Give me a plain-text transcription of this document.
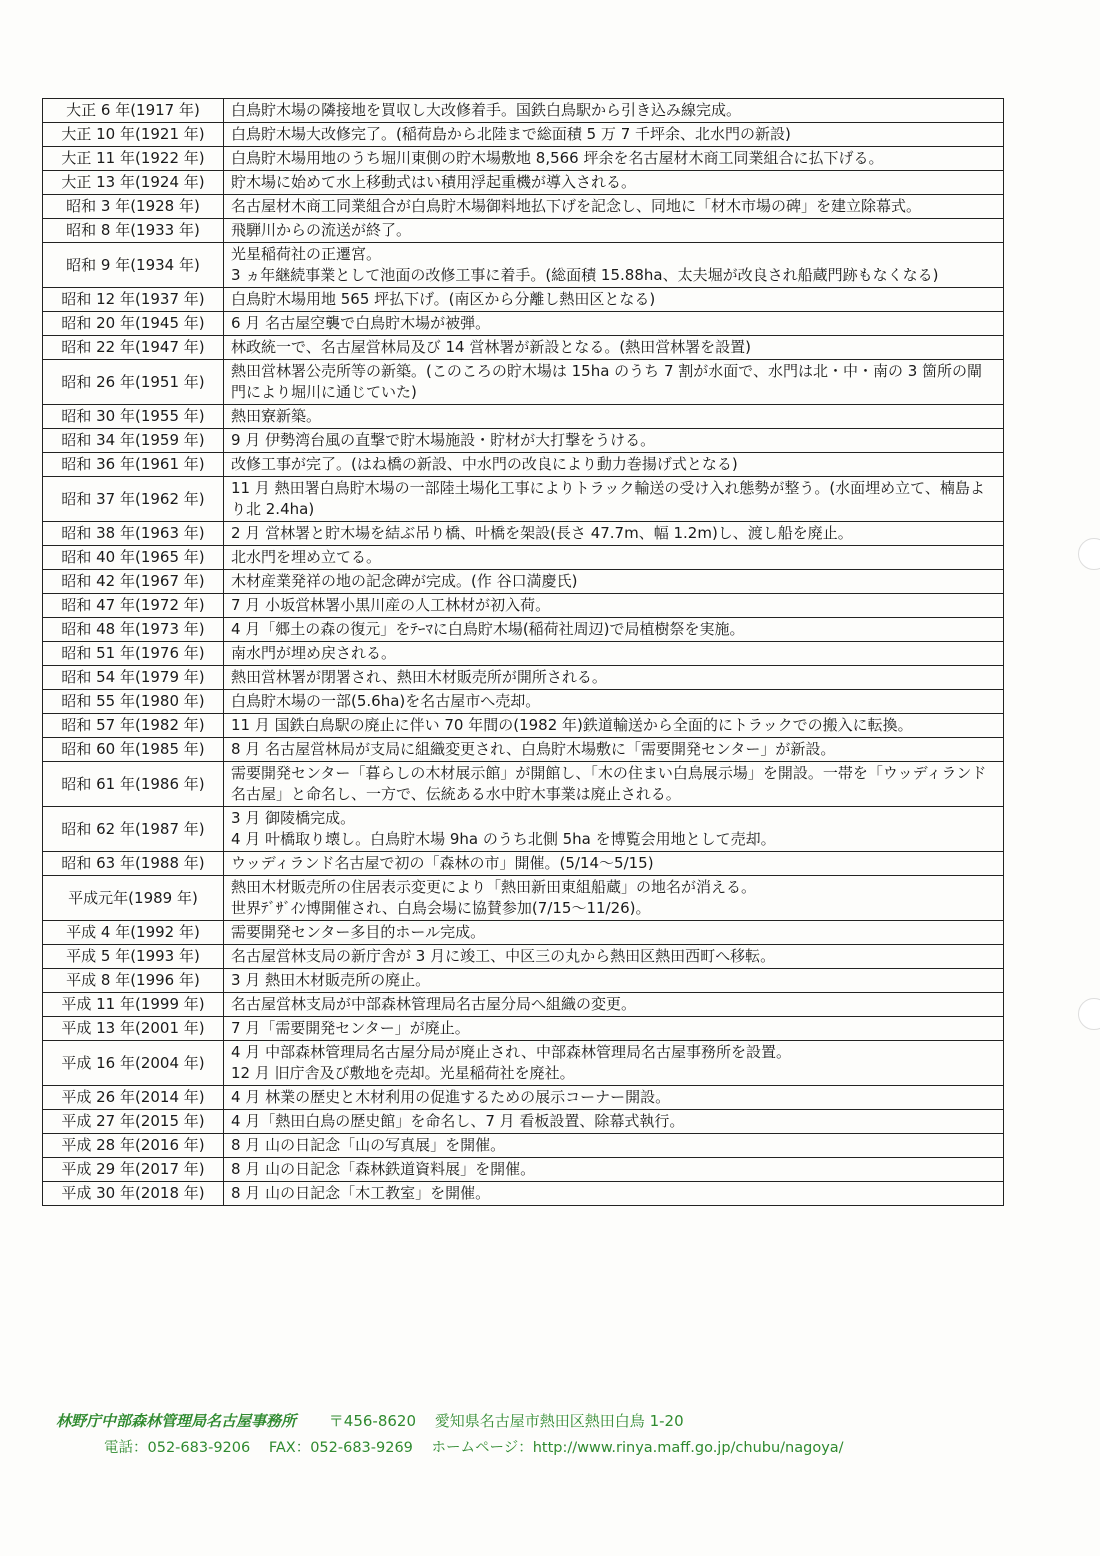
大正 6 年(1917 年)	白鳥貯木場の隣接地を買収し大改修着手。国鉄白鳥駅から引き込み線完成。

大正 10 年(1921 年)	白鳥貯木場大改修完了。(稲荷島から北陸まで総面積 5 万 7 千坪余、北水門の新設)

大正 11 年(1922 年)	白鳥貯木場用地のうち堀川東側の貯木場敷地 8,566 坪余を名古屋材木商工同業組合に払下げる。

大正 13 年(1924 年)	貯木場に始めて水上移動式はい積用浮起重機が導入される。

昭和 3 年(1928 年)	名古屋材木商工同業組合が白鳥貯木場御料地払下げを記念し、同地に「材木市場の碑」を建立除幕式。

昭和 8 年(1933 年)	飛騨川からの流送が終了。

昭和 9 年(1934 年)	光星稲荷社の正遷宮。
3 ヵ年継続事業として池面の改修工事に着手。(総面積 15.88ha、太夫堀が改良され船蔵門跡もなくなる)

昭和 12 年(1937 年)	白鳥貯木場用地 565 坪払下げ。(南区から分離し熱田区となる)

昭和 20 年(1945 年)	6 月 名古屋空襲で白鳥貯木場が被弾。

昭和 22 年(1947 年)	林政統一で、名古屋営林局及び 14 営林署が新設となる。(熱田営林署を設置)

昭和 26 年(1951 年)	熱田営林署公売所等の新築。(このころの貯木場は 15ha のうち 7 割が水面で、水門は北・中・南の 3 箇所の閘門により堀川に通じていた)

昭和 30 年(1955 年)	熱田寮新築。

昭和 34 年(1959 年)	9 月 伊勢湾台風の直撃で貯木場施設・貯材が大打撃をうける。

昭和 36 年(1961 年)	改修工事が完了。(はね橋の新設、中水門の改良により動力巻揚げ式となる)

昭和 37 年(1962 年)	11 月 熱田署白鳥貯木場の一部陸土場化工事によりトラック輸送の受け入れ態勢が整う。(水面埋め立て、楠島より北 2.4ha)

昭和 38 年(1963 年)	2 月 営林署と貯木場を結ぶ吊り橋、叶橋を架設(長さ 47.7m、幅 1.2m)し、渡し船を廃止。

昭和 40 年(1965 年)	北水門を埋め立てる。

昭和 42 年(1967 年)	木材産業発祥の地の記念碑が完成。(作 谷口満慶氏)

昭和 47 年(1972 年)	7 月 小坂営林署小黒川産の人工林材が初入荷。

昭和 48 年(1973 年)	4 月「郷土の森の復元」をﾃｰﾏに白鳥貯木場(稲荷社周辺)で局植樹祭を実施。

昭和 51 年(1976 年)	南水門が埋め戻される。

昭和 54 年(1979 年)	熱田営林署が閉署され、熱田木材販売所が開所される。

昭和 55 年(1980 年)	白鳥貯木場の一部(5.6ha)を名古屋市へ売却。

昭和 57 年(1982 年)	11 月 国鉄白鳥駅の廃止に伴い 70 年間の(1982 年)鉄道輸送から全面的にトラックでの搬入に転換。

昭和 60 年(1985 年)	8 月 名古屋営林局が支局に組織変更され、白鳥貯木場敷に「需要開発センター」が新設。

昭和 61 年(1986 年)	需要開発センター「暮らしの木材展示館」が開館し、「木の住まい白鳥展示場」を開設。一帯を「ウッディランド名古屋」と命名し、一方で、伝統ある水中貯木事業は廃止される。

昭和 62 年(1987 年)	3 月 御陵橋完成。
4 月 叶橋取り壊し。白鳥貯木場 9ha のうち北側 5ha を博覧会用地として売却。

昭和 63 年(1988 年)	ウッディランド名古屋で初の「森林の市」開催。(5/14～5/15)

平成元年(1989 年)	熱田木材販売所の住居表示変更により「熱田新田東組船蔵」の地名が消える。
世界ﾃﾞｻﾞｲﾝ博開催され、白鳥会場に協賛参加(7/15～11/26)。

平成 4 年(1992 年)	需要開発センター多目的ホール完成。

平成 5 年(1993 年)	名古屋営林支局の新庁舎が 3 月に竣工、中区三の丸から熱田区熱田西町へ移転。

平成 8 年(1996 年)	3 月 熱田木材販売所の廃止。

平成 11 年(1999 年)	名古屋営林支局が中部森林管理局名古屋分局へ組織の変更。

平成 13 年(2001 年)	7 月「需要開発センター」が廃止。

平成 16 年(2004 年)	4 月 中部森林管理局名古屋分局が廃止され、中部森林管理局名古屋事務所を設置。
12 月 旧庁舎及び敷地を売却。光星稲荷社を廃社。

平成 26 年(2014 年)	4 月 林業の歴史と木材利用の促進するための展示コーナー開設。

平成 27 年(2015 年)	4 月「熱田白鳥の歴史館」を命名し、7 月 看板設置、除幕式執行。

平成 28 年(2016 年)	8 月 山の日記念「山の写真展」を開催。

平成 29 年(2017 年)	8 月 山の日記念「森林鉄道資料展」を開催。

平成 30 年(2018 年)	8 月 山の日記念「木工教室」を開催。
林野庁中部森林管理局名古屋事務所 〒456-8620 愛知県名古屋市熱田区熱田白鳥 1-20
電話：052-683-9206 FAX：052-683-9269 ホームページ：http://www.rinya.maff.go.jp/chubu/nagoya/
